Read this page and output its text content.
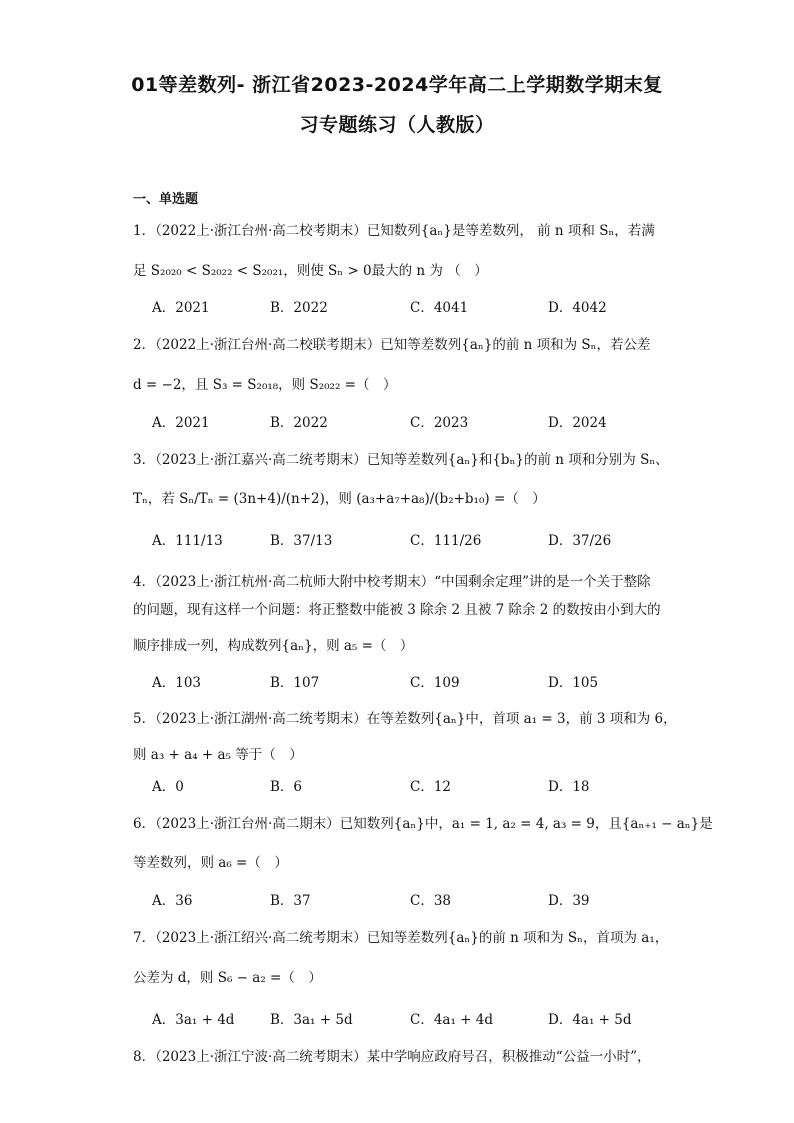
01等差数列- 浙江省2023-2024学年高二上学期数学期末复
习专题练习（人教版）
一、单选题
1．（2022上·浙江台州·高二校考期末）已知数列{aₙ}是等差数列， 前 n 项和 Sₙ，若满
足 S₂₀₂₀ < S₂₀₂₂ < S₂₀₂₁，则使 Sₙ > 0最大的 n 为 （　）
A．2021	B．2022	C．4041	D．4042
2．（2022上·浙江台州·高二校联考期末）已知等差数列{aₙ}的前 n 项和为 Sₙ，若公差
d = −2，且 S₃ = S₂₀₁₈，则 S₂₀₂₂ =（　）
A．2021	B．2022	C．2023	D．2024
3．（2023上·浙江嘉兴·高二统考期末）已知等差数列{aₙ}和{bₙ}的前 n 项和分别为 Sₙ、
Tₙ，若 Sₙ/Tₙ = (3n+4)/(n+2)，则 (a₃+a₇+a₈)/(b₂+b₁₀) =（　）
A．111/13	B．37/13	C．111/26	D．37/26
4．（2023上·浙江杭州·高二杭师大附中校考期末）“中国剩余定理”讲的是一个关于整除
的问题，现有这样一个问题：将正整数中能被 3 除余 2 且被 7 除余 2 的数按由小到大的
顺序排成一列，构成数列{aₙ}，则 a₅ =（　）
A．103	B．107	C．109	D．105
5．（2023上·浙江湖州·高二统考期末）在等差数列{aₙ}中，首项 a₁ = 3，前 3 项和为 6，
则 a₃ + a₄ + a₅ 等于（　）
A．0	B．6	C．12	D．18
6．（2023上·浙江台州·高二期末）已知数列{aₙ}中，a₁ = 1, a₂ = 4, a₃ = 9，且{aₙ₊₁ − aₙ}是
等差数列，则 a₆ =（　）
A．36	B．37	C．38	D．39
7．（2023上·浙江绍兴·高二统考期末）已知等差数列{aₙ}的前 n 项和为 Sₙ，首项为 a₁，
公差为 d，则 S₆ − a₂ =（　）
A．3a₁ + 4d	B．3a₁ + 5d	C．4a₁ + 4d	D．4a₁ + 5d
8．（2023上·浙江宁波·高二统考期末）某中学响应政府号召，积极推动“公益一小时”，
